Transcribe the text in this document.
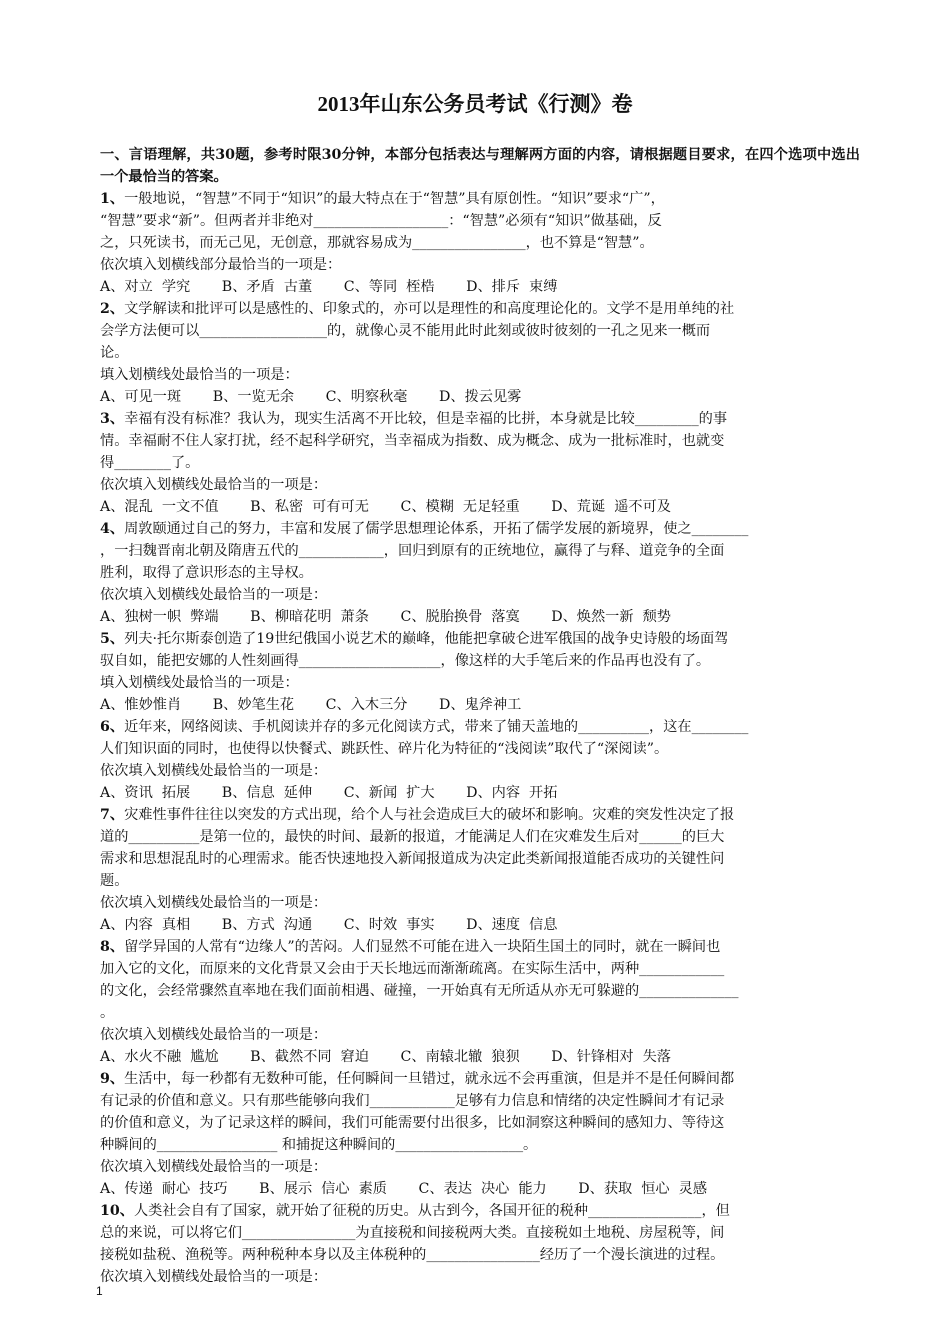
2013年山东公务员考试《行测》卷
一、言语理解，共30题，参考时限30分钟，本部分包括表达与理解两方面的内容，请根据题目要求，在四个选项中选出一个最恰当的答案。
1、一般地说，“智慧”不同于“知识”的最大特点在于“智慧”具有原创性。“知识”要求“广”，
“智慧”要求“新”。但两者并非绝对___________________：“智慧”必须有“知识”做基础，反
之，只死读书，而无己见，无创意，那就容易成为________________，也不算是“智慧”。
依次填入划横线部分最恰当的一项是：
A、对立  学究       B、矛盾  古董       C、等同  桎梏       D、排斥  束缚
2、文学解读和批评可以是感性的、印象式的，亦可以是理性的和高度理论化的。文学不是用单纯的社
会学方法便可以__________________的，就像心灵不能用此时此刻或彼时彼刻的一孔之见来一概而
论。
填入划横线处最恰当的一项是：
A、可见一斑       B、一览无余       C、明察秋毫       D、拨云见雾
3、幸福有没有标准？我认为，现实生活离不开比较，但是幸福的比拼，本身就是比较_________的事
情。幸福耐不住人家打扰，经不起科学研究，当幸福成为指数、成为概念、成为一批标准时，也就变
得________了。
依次填入划横线处最恰当的一项是：
A、混乱  一文不值       B、私密  可有可无       C、模糊  无足轻重       D、荒诞  遥不可及
4、周敦颐通过自己的努力，丰富和发展了儒学思想理论体系，开拓了儒学发展的新境界，使之________
，一扫魏晋南北朝及隋唐五代的____________，回归到原有的正统地位，赢得了与释、道竞争的全面
胜利，取得了意识形态的主导权。
依次填入划横线处最恰当的一项是：
A、独树一帜  弊端       B、柳暗花明  萧条       C、脱胎换骨  落寞       D、焕然一新  颓势
5、列夫·托尔斯泰创造了19世纪俄国小说艺术的巅峰，他能把拿破仑进军俄国的战争史诗般的场面驾
驭自如，能把安娜的人性刻画得____________________，像这样的大手笔后来的作品再也没有了。
填入划横线处最恰当的一项是：
A、惟妙惟肖       B、妙笔生花       C、入木三分       D、鬼斧神工
6、近年来，网络阅读、手机阅读并存的多元化阅读方式，带来了铺天盖地的__________，这在________
人们知识面的同时，也使得以快餐式、跳跃性、碎片化为特征的“浅阅读”取代了“深阅读”。
依次填入划横线处最恰当的一项是：
A、资讯  拓展       B、信息  延伸       C、新闻  扩大       D、内容  开拓
7、灾难性事件往往以突发的方式出现，给个人与社会造成巨大的破坏和影响。灾难的突发性决定了报
道的__________是第一位的，最快的时间、最新的报道，才能满足人们在灾难发生后对______的巨大
需求和思想混乱时的心理需求。能否快速地投入新闻报道成为决定此类新闻报道能否成功的关键性问
题。
依次填入划横线处最恰当的一项是：
A、内容  真相       B、方式  沟通       C、时效  事实       D、速度  信息
8、留学异国的人常有“边缘人”的苦闷。人们显然不可能在进入一块陌生国土的同时，就在一瞬间也
加入它的文化，而原来的文化背景又会由于天长地远而渐渐疏离。在实际生活中，两种____________
的文化，会经常骤然直率地在我们面前相遇、碰撞，一开始真有无所适从亦无可躲避的______________
。
依次填入划横线处最恰当的一项是：
A、水火不融  尴尬       B、截然不同  窘迫       C、南辕北辙  狼狈       D、针锋相对  失落
9、生活中，每一秒都有无数种可能，任何瞬间一旦错过，就永远不会再重演，但是并不是任何瞬间都
有记录的价值和意义。只有那些能够向我们____________足够有力信息和情绪的决定性瞬间才有记录
的价值和意义，为了记录这样的瞬间，我们可能需要付出很多，比如洞察这种瞬间的感知力、等待这
种瞬间的_________________ 和捕捉这种瞬间的__________________。
依次填入划横线处最恰当的一项是：
A、传递  耐心  技巧       B、展示  信心  素质       C、表达  决心  能力       D、获取  恒心  灵感
10、人类社会自有了国家，就开始了征税的历史。从古到今，各国开征的税种________________，但
总的来说，可以将它们________________为直接税和间接税两大类。直接税如土地税、房屋税等，间
接税如盐税、渔税等。两种税种本身以及主体税种的________________经历了一个漫长演进的过程。
依次填入划横线处最恰当的一项是：
1
